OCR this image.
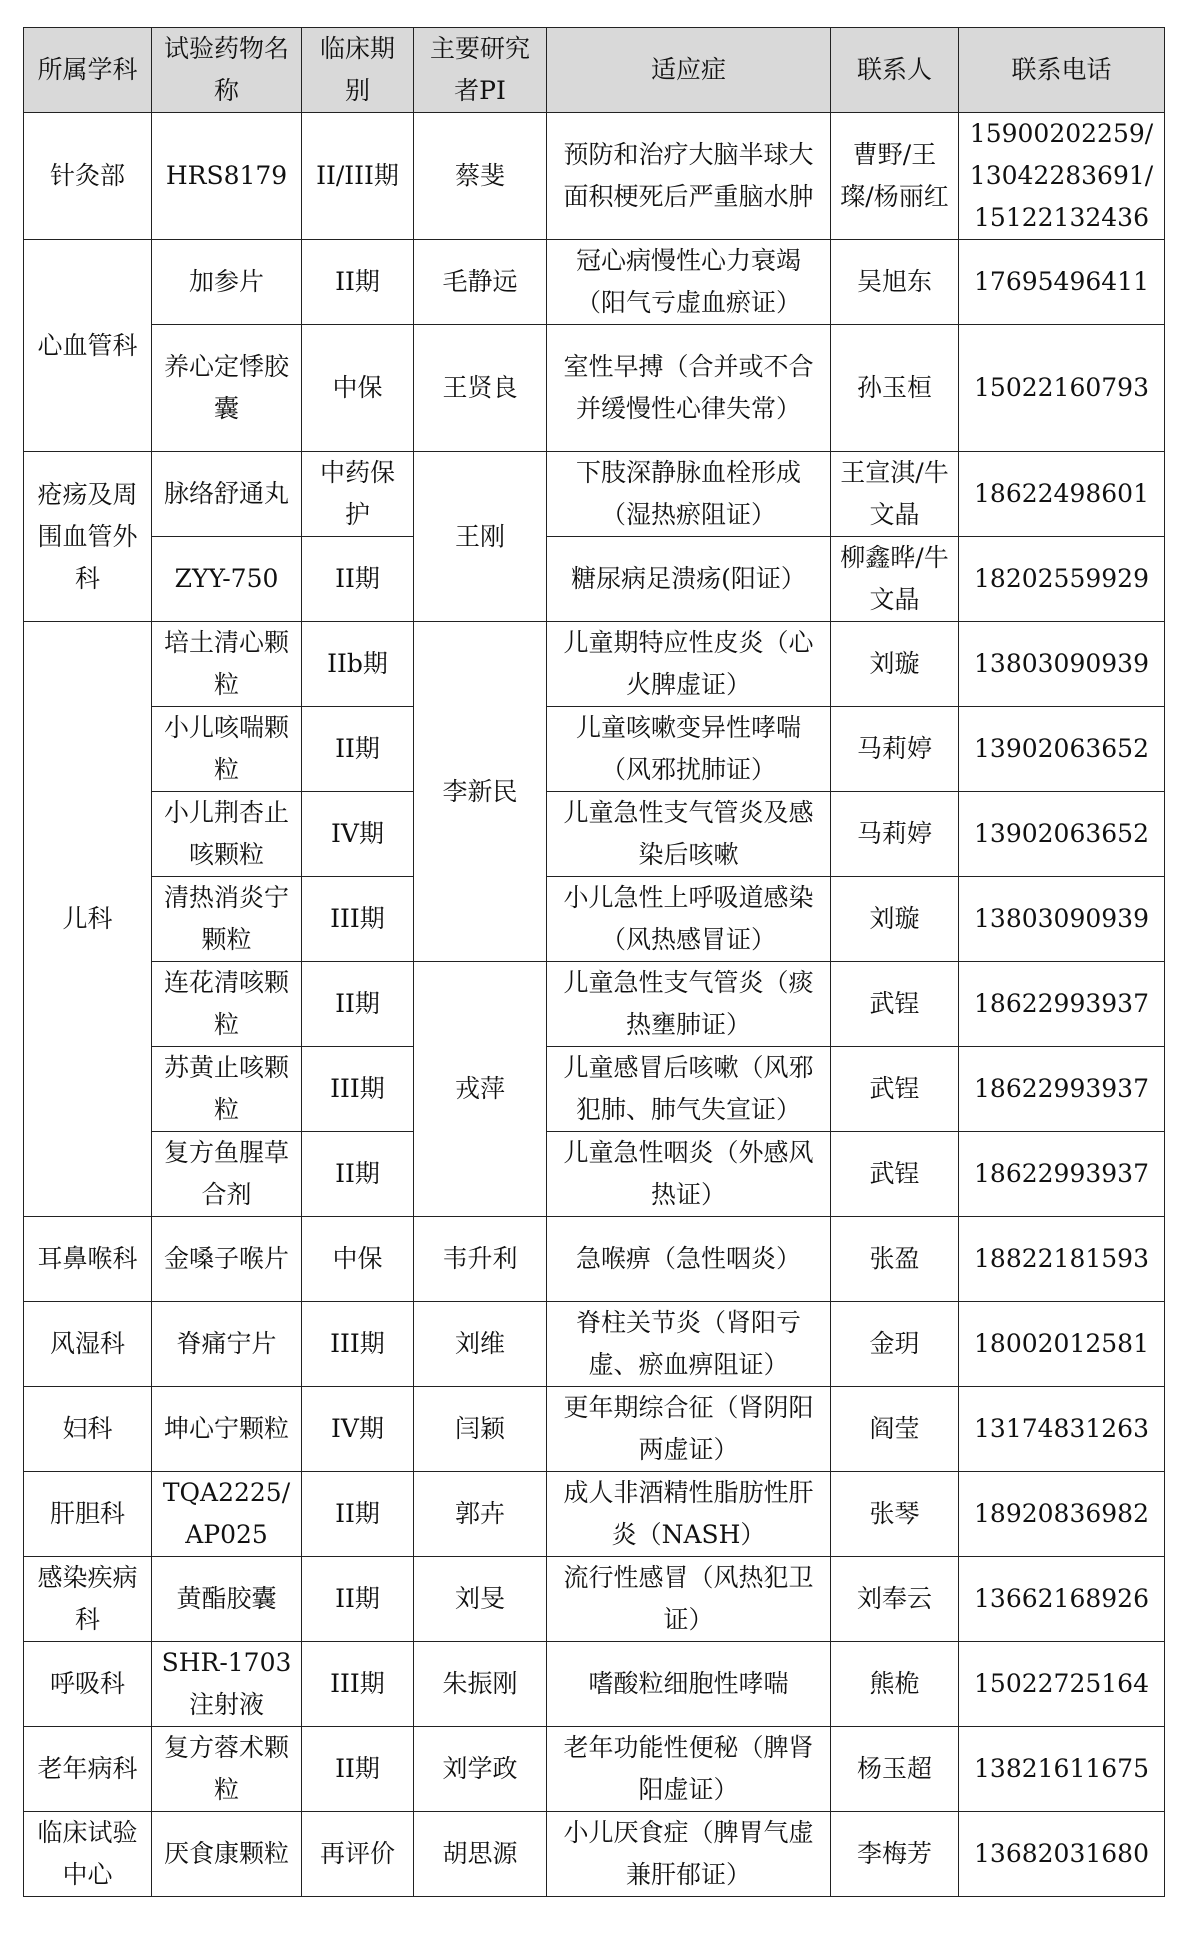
所属学科	试验药物名称	临床期别	主要研究者PI	适应症	联系人	联系电话
针灸部	HRS8179	II/III期	蔡斐	预防和治疗大脑半球大面积梗死后严重脑水肿	曹野/王璨/杨丽红	15900202259/13042283691/15122132436
心血管科	加参片	II期	毛静远	冠心病慢性心力衰竭（阳气亏虚血瘀证）	吴旭东	17695496411
	养心定悸胶囊	中保	王贤良	室性早搏（合并或不合并缓慢性心律失常）	孙玉桓	15022160793
疮疡及周围血管外科	脉络舒通丸	中药保护	王刚	下肢深静脉血栓形成（湿热瘀阻证）	王宣淇/牛文晶	18622498601
	ZYY-750	II期		糖尿病足溃疡(阳证）	柳鑫晔/牛文晶	18202559929
儿科	培土清心颗粒	IIb期	李新民	儿童期特应性皮炎（心火脾虚证）	刘璇	13803090939
	小儿咳喘颗粒	II期		儿童咳嗽变异性哮喘（风邪扰肺证）	马莉婷	13902063652
	小儿荆杏止咳颗粒	IV期		儿童急性支气管炎及感染后咳嗽	马莉婷	13902063652
	清热消炎宁颗粒	III期		小儿急性上呼吸道感染（风热感冒证）	刘璇	13803090939
	连花清咳颗粒	II期	戎萍	儿童急性支气管炎（痰热壅肺证）	武锃	18622993937
	苏黄止咳颗粒	III期		儿童感冒后咳嗽（风邪犯肺、肺气失宣证）	武锃	18622993937
	复方鱼腥草合剂	II期		儿童急性咽炎（外感风热证）	武锃	18622993937
耳鼻喉科	金嗓子喉片	中保	韦升利	急喉痹（急性咽炎）	张盈	18822181593
风湿科	脊痛宁片	III期	刘维	脊柱关节炎（肾阳亏虚、瘀血痹阻证）	金玥	18002012581
妇科	坤心宁颗粒	IV期	闫颖	更年期综合征（肾阴阳两虚证）	阎莹	13174831263
肝胆科	TQA2225/AP025	II期	郭卉	成人非酒精性脂肪性肝炎（NASH）	张琴	18920836982
感染疾病科	黄酯胶囊	II期	刘旻	流行性感冒（风热犯卫证）	刘奉云	13662168926
呼吸科	SHR-1703注射液	III期	朱振刚	嗜酸粒细胞性哮喘	熊桅	15022725164
老年病科	复方蓉术颗粒	II期	刘学政	老年功能性便秘（脾肾阳虚证）	杨玉超	13821611675
临床试验中心	厌食康颗粒	再评价	胡思源	小儿厌食症（脾胃气虚兼肝郁证）	李梅芳	13682031680
